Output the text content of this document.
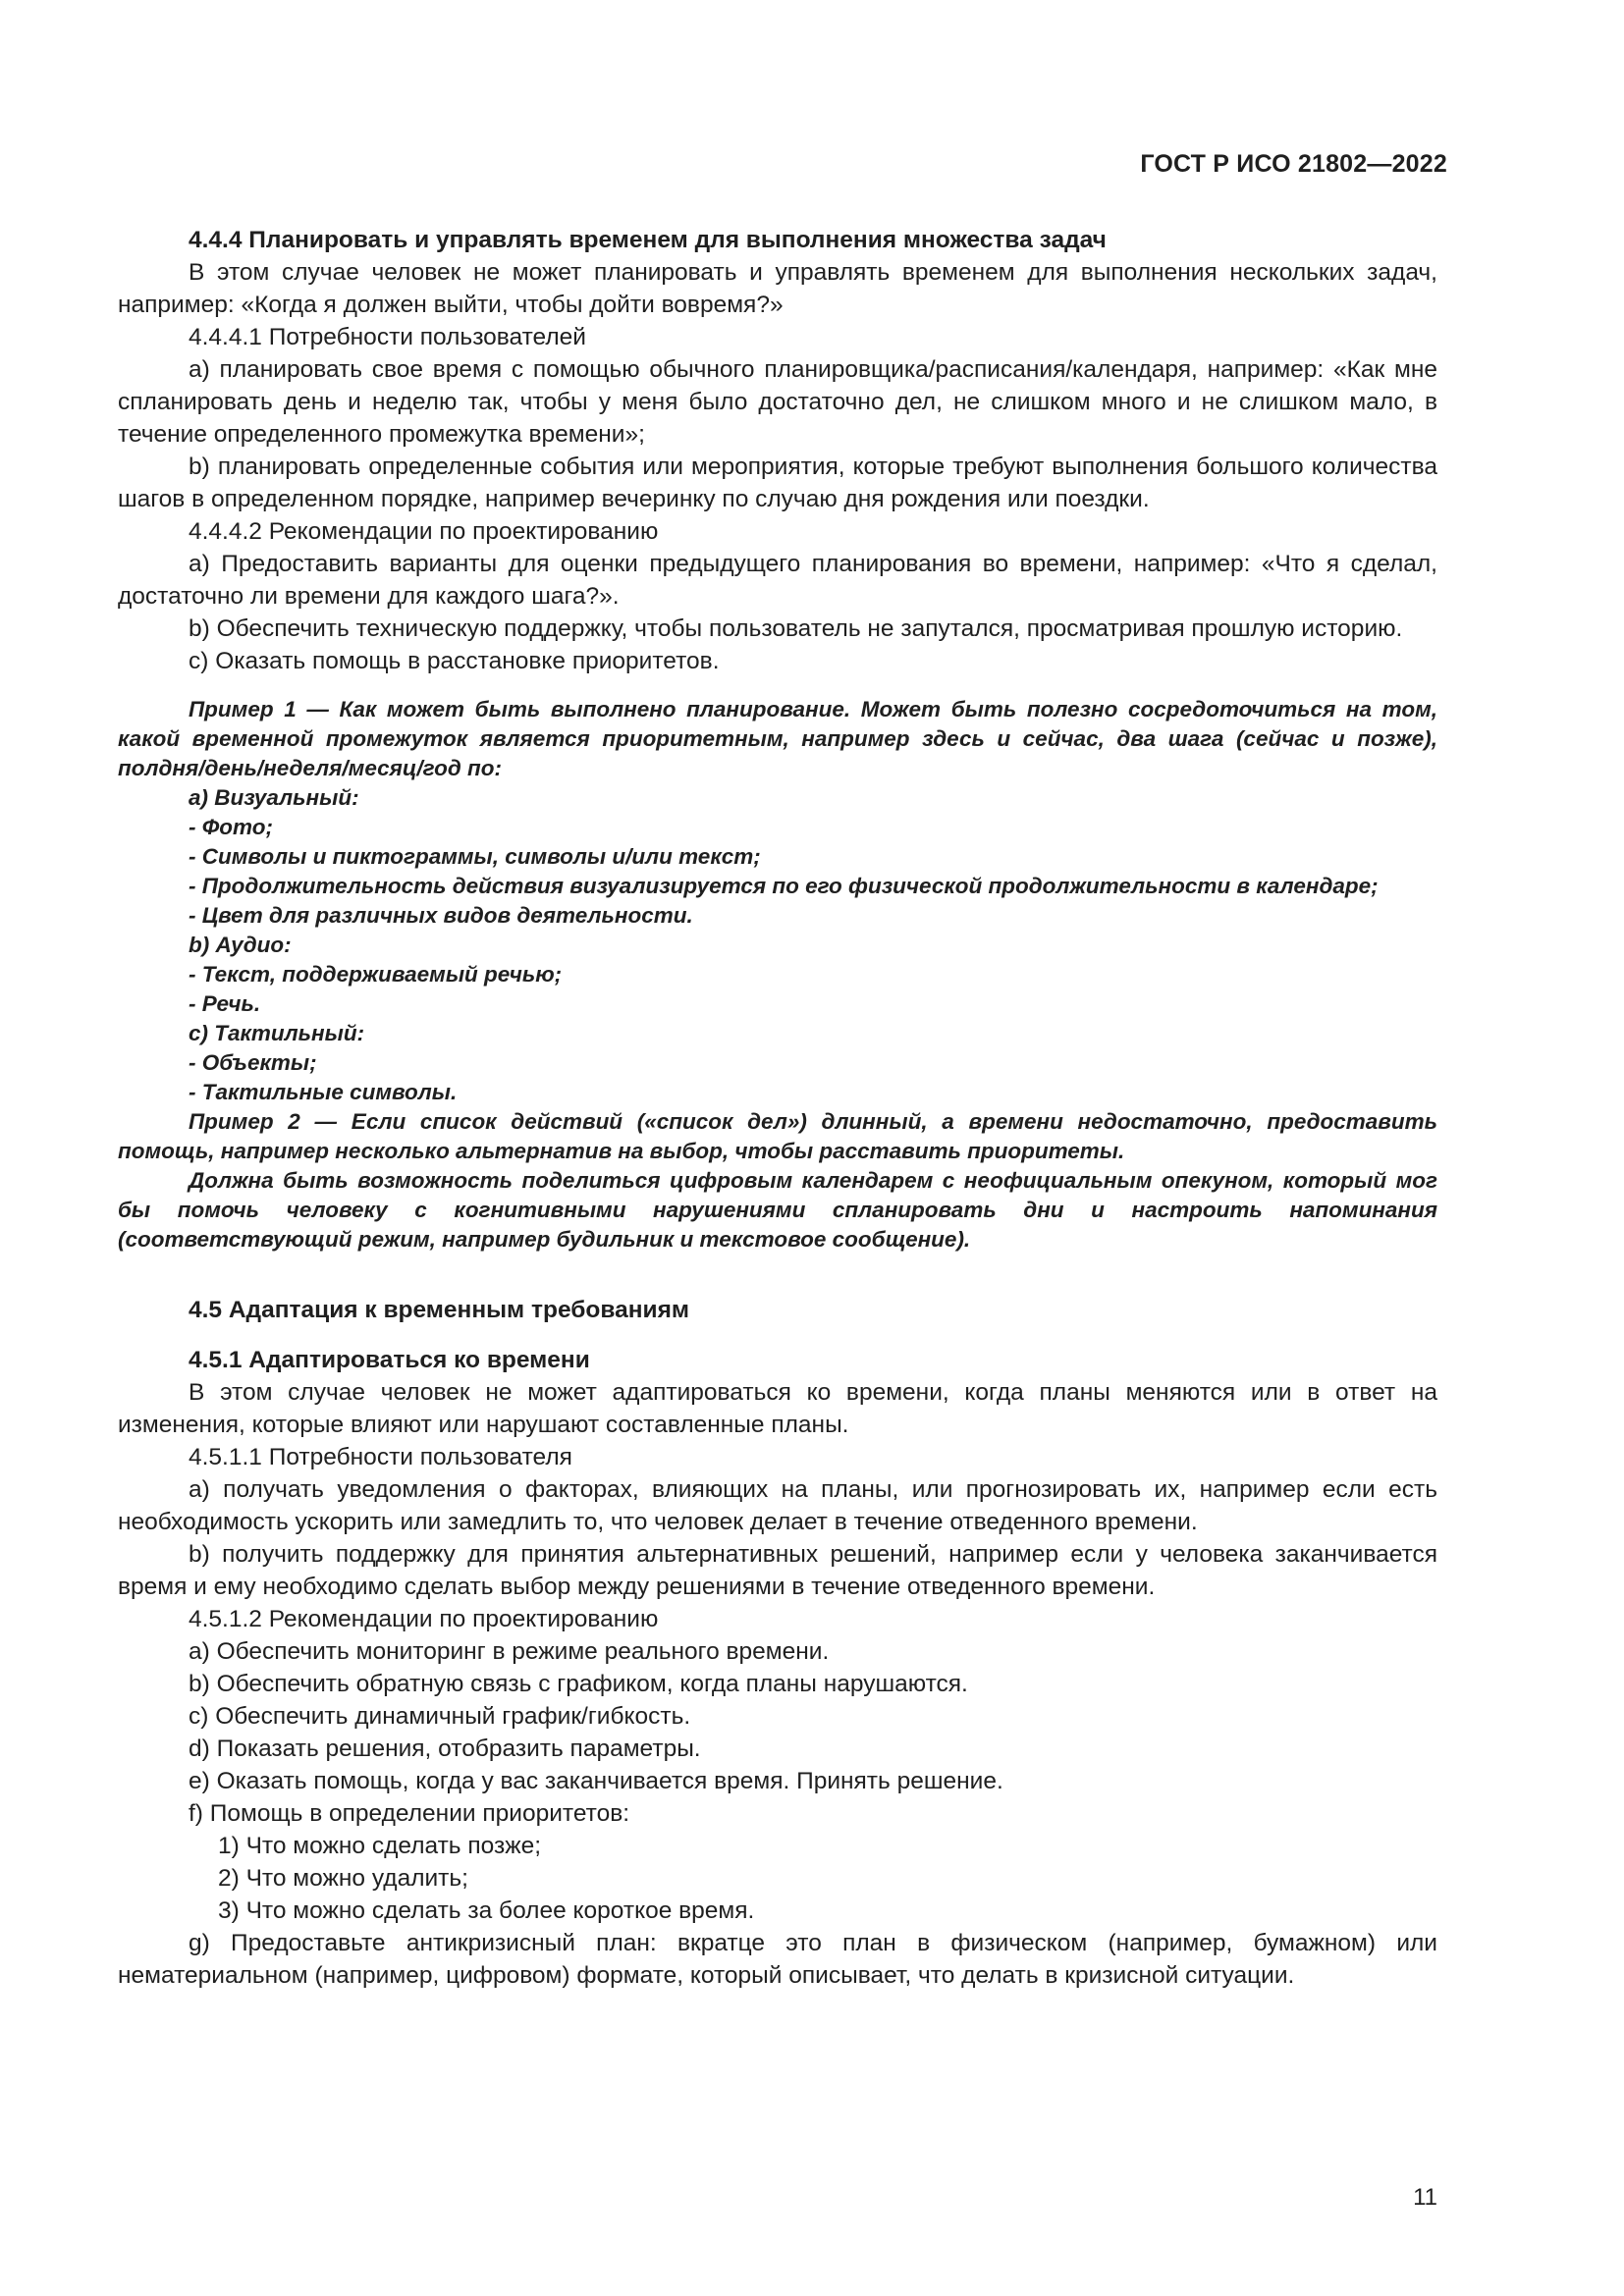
ГОСТ Р ИСО 21802—2022

4.4.4 Планировать и управлять временем для выполнения множества задач

В этом случае человек не может планировать и управлять временем для выполнения нескольких задач, например: «Когда я должен выйти, чтобы дойти вовремя?»

4.4.4.1 Потребности пользователей

a) планировать свое время с помощью обычного планировщика/расписания/календаря, например: «Как мне спланировать день и неделю так, чтобы у меня было достаточно дел, не слишком много и не слишком мало, в течение определенного промежутка времени»;

b) планировать определенные события или мероприятия, которые требуют выполнения большого количества шагов в определенном порядке, например вечеринку по случаю дня рождения или поездки.

4.4.4.2 Рекомендации по проектированию

a) Предоставить варианты для оценки предыдущего планирования во времени, например: «Что я сделал, достаточно ли времени для каждого шага?».

b) Обеспечить техническую поддержку, чтобы пользователь не запутался, просматривая прошлую историю.

c) Оказать помощь в расстановке приоритетов.

Пример 1 — Как может быть выполнено планирование. Может быть полезно сосредоточиться на том, какой временной промежуток является приоритетным, например здесь и сейчас, два шага (сейчас и позже), полдня/день/неделя/месяц/год по:

a) Визуальный:

- Фото;

- Символы и пиктограммы, символы и/или текст;

- Продолжительность действия визуализируется по его физической продолжительности в календаре;

- Цвет для различных видов деятельности.

b) Аудио:

- Текст, поддерживаемый речью;

- Речь.

c) Тактильный:

- Объекты;

- Тактильные символы.

Пример 2 — Если список действий («список дел») длинный, а времени недостаточно, предоставить помощь, например несколько альтернатив на выбор, чтобы расставить приоритеты.

Должна быть возможность поделиться цифровым календарем с неофициальным опекуном, который мог бы помочь человеку с когнитивными нарушениями спланировать дни и настроить напоминания (соответствующий режим, например будильник и текстовое сообщение).

4.5 Адаптация к временным требованиям

4.5.1 Адаптироваться ко времени

В этом случае человек не может адаптироваться ко времени, когда планы меняются или в ответ на изменения, которые влияют или нарушают составленные планы.

4.5.1.1 Потребности пользователя

a) получать уведомления о факторах, влияющих на планы, или прогнозировать их, например если есть необходимость ускорить или замедлить то, что человек делает в течение отведенного времени.

b) получить поддержку для принятия альтернативных решений, например если у человека заканчивается время и ему необходимо сделать выбор между решениями в течение отведенного времени.

4.5.1.2 Рекомендации по проектированию

a) Обеспечить мониторинг в режиме реального времени.

b) Обеспечить обратную связь с графиком, когда планы нарушаются.

c) Обеспечить динамичный график/гибкость.

d) Показать решения, отобразить параметры.

e) Оказать помощь, когда у вас заканчивается время. Принять решение.

f) Помощь в определении приоритетов:

1) Что можно сделать позже;

2) Что можно удалить;

3) Что можно сделать за более короткое время.

g) Предоставьте антикризисный план: вкратце это план в физическом (например, бумажном) или нематериальном (например, цифровом) формате, который описывает, что делать в кризисной ситуации.

11
